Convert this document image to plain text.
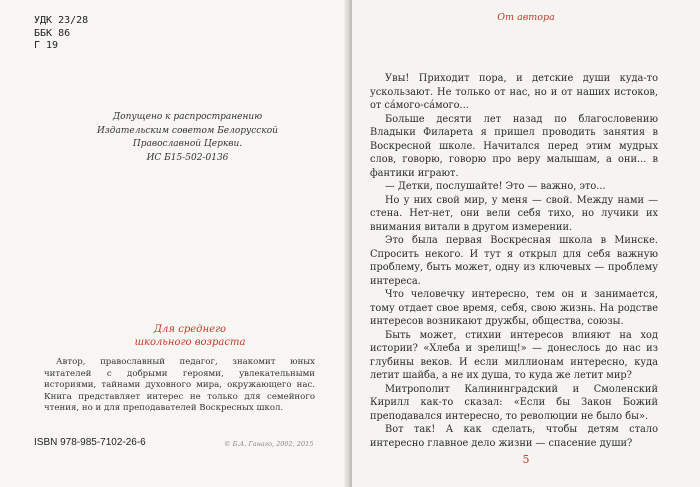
УДК 23/28
ББК 86
Г 19
Допущено к распространению
Издательским советом Белорусской
Православной Церкви.
ИС Б15-502-0136
Для среднего
школьного возраста
Автор, православный педагог, знакомит юных читателей с добрыми героями, увлекательными историями, тайнами духовного мира, окружающего нас. Книга представляет интерес не только для семейного чтения, но и для преподавателей Воскресных школ.
ISBN 978-985-7102-26-6	© Б.А. Ганаго, 2002, 2015
От автора

Увы! Приходит пора, и детские души куда-то ускользают. Не только от нас, но и от наших истоков, от сáмого-сáмого...

Больше десяти лет назад по благословению Владыки Филарета я пришел проводить занятия в Воскресной школе. Начитался перед этим мудрых слов, говорю, говорю про веру малышам, а они... в фантики играют.

— Детки, послушайте! Это — важно, это...

Но у них свой мир, у меня — свой. Между нами — стена. Нет-нет, они вели себя тихо, но лучики их внимания витали в другом измерении.

Это была первая Воскресная школа в Минске. Спросить некого. И тут я открыл для себя важную проблему, быть может, одну из ключевых — проблему интереса.

Что человечку интересно, тем он и занимается, тому отдает свое время, себя, свою жизнь. На родстве интересов возникают дружбы, общества, союзы.

Быть может, стихии интересов влияют на ход истории? «Хлеба и зрелищ!» — донеслось до нас из глубины веков. И если миллионам интересно, куда летит шайба, а не их душа, то куда же летит мир?

Митрополит Калининградский и Смоленский Кирилл как-то сказал: «Если бы Закон Божий преподавался интересно, то революции не было бы».

Вот так! А как сделать, чтобы детям стало интересно главное дело жизни — спасение души?

5
